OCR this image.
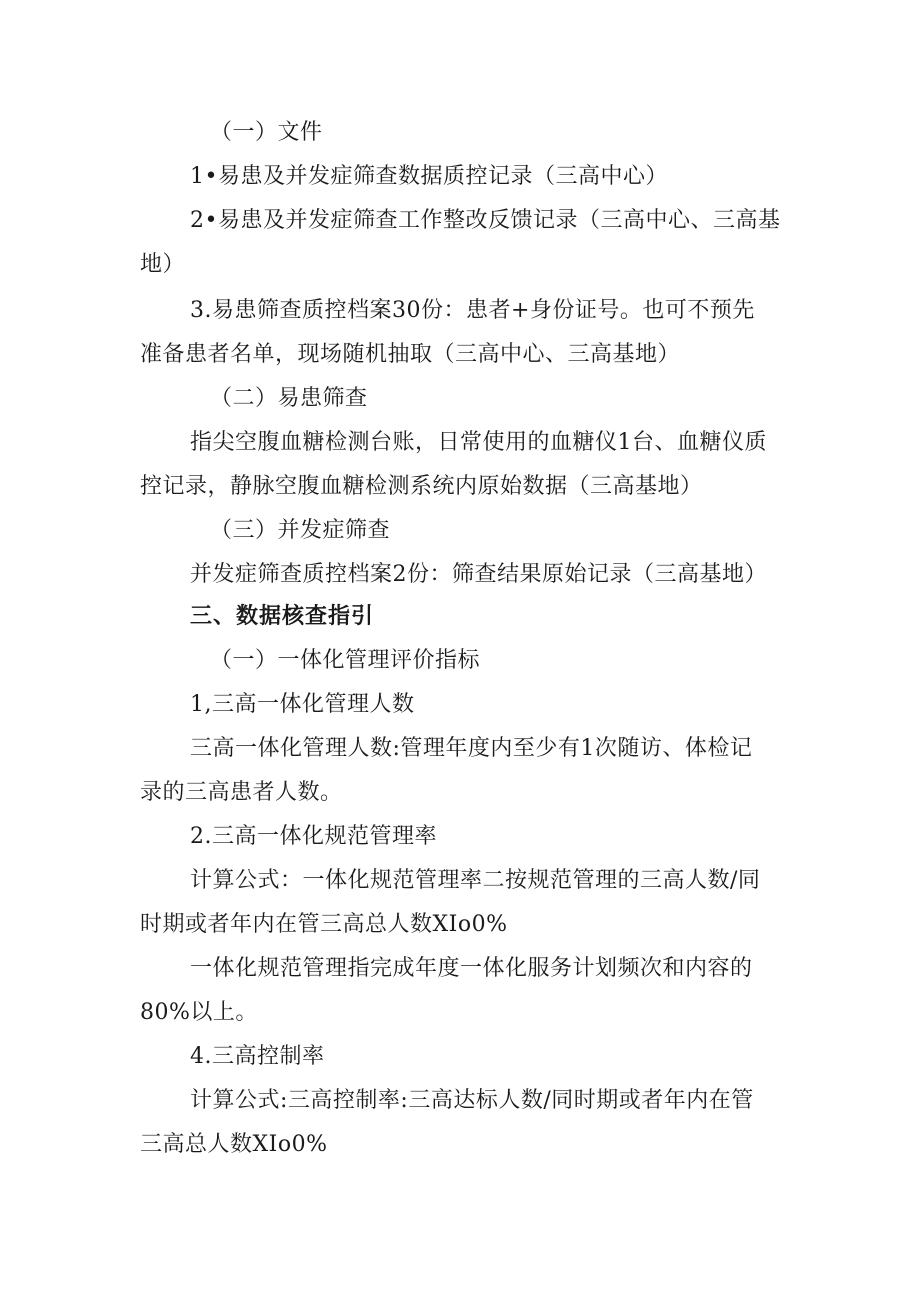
（一）文件
1•易患及并发症筛查数据质控记录（三高中心）
2•易患及并发症筛查工作整改反馈记录（三高中心、三高基
地）
3.易患筛查质控档案30份：患者+身份证号。也可不预先
准备患者名单，现场随机抽取（三高中心、三高基地）
（二）易患筛查
指尖空腹血糖检测台账，日常使用的血糖仪1台、血糖仪质
控记录，静脉空腹血糖检测系统内原始数据（三高基地）
（三）并发症筛查
并发症筛查质控档案2份：筛查结果原始记录（三高基地）
三、数据核查指引
（一）一体化管理评价指标
1,三高一体化管理人数
三高一体化管理人数:管理年度内至少有1次随访、体检记
录的三高患者人数。
2.三高一体化规范管理率
计算公式：一体化规范管理率二按规范管理的三高人数/同
时期或者年内在管三高总人数XIo0%
一体化规范管理指完成年度一体化服务计划频次和内容的
80%以上。
4.三高控制率
计算公式:三高控制率:三高达标人数/同时期或者年内在管
三高总人数XIo0%
